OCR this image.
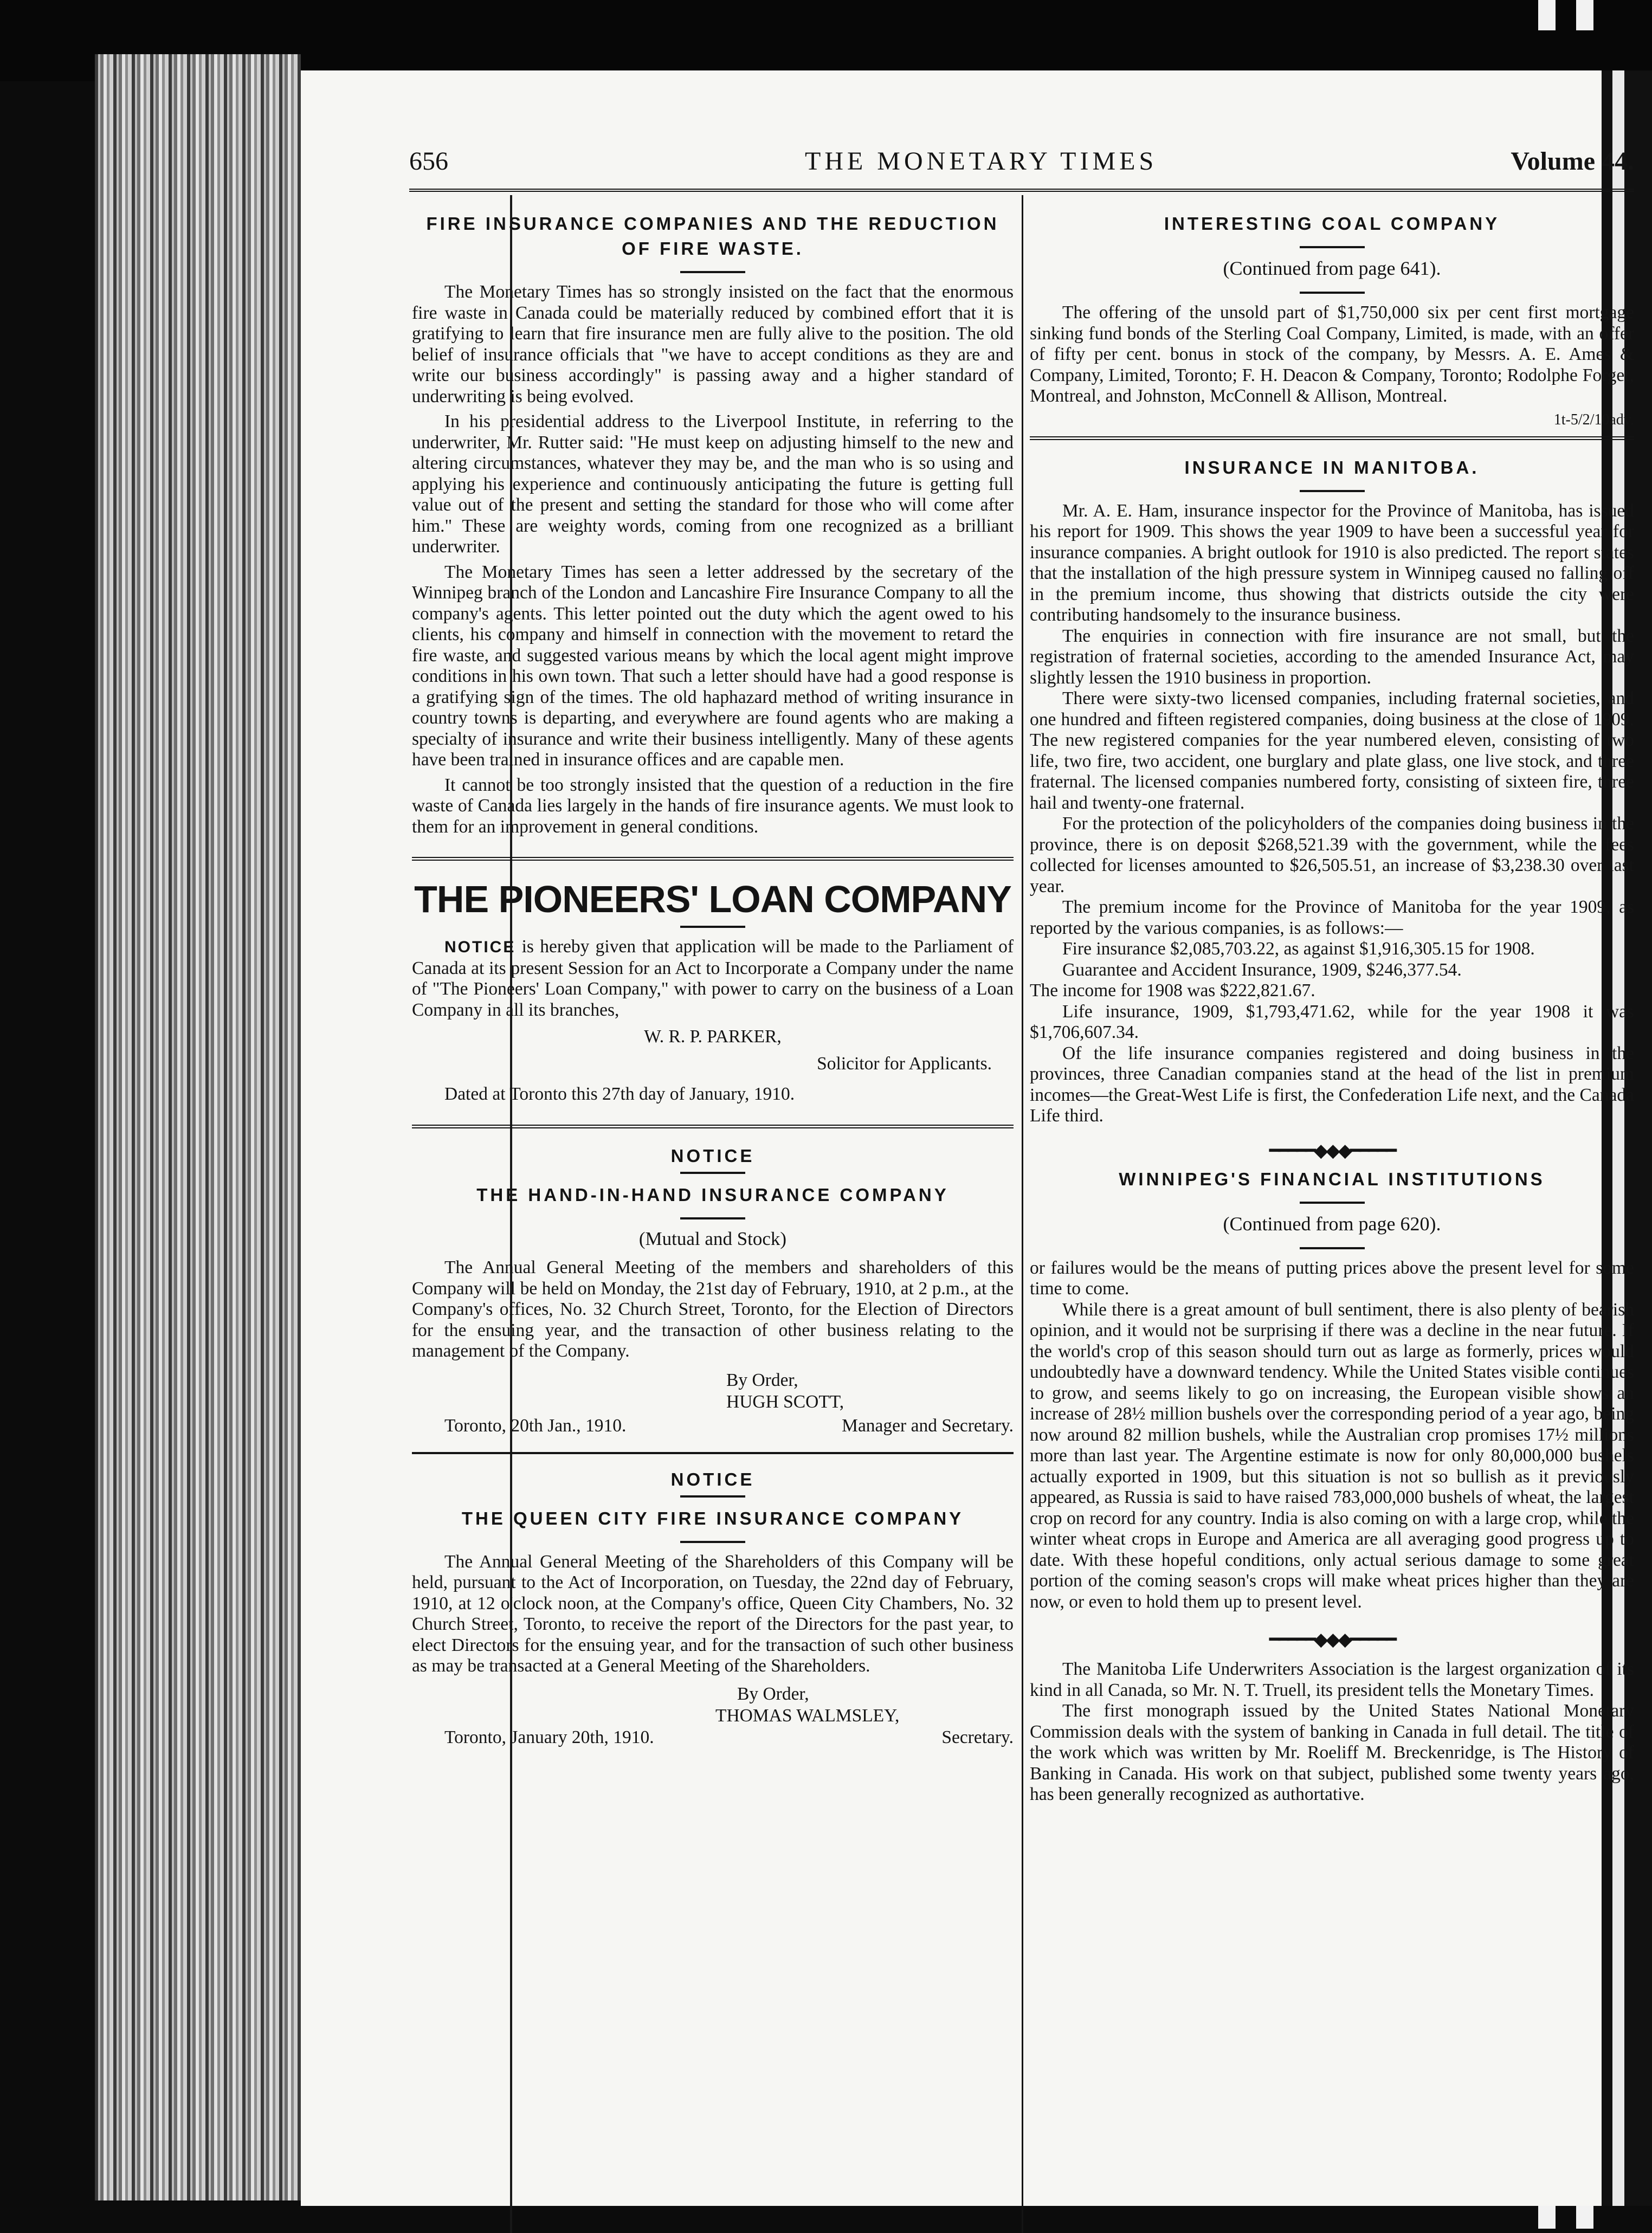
656	THE MONETARY TIMES	Volume 44.
FIRE INSURANCE COMPANIES AND THE REDUCTION OF FIRE WASTE.

The Monetary Times has so strongly insisted on the fact that the enormous fire waste in Canada could be materially reduced by combined effort that it is gratifying to learn that fire insurance men are fully alive to the position. The old belief of insurance officials that "we have to accept conditions as they are and write our business accordingly" is passing away and a higher standard of underwriting is being evolved.

In his presidential address to the Liverpool Institute, in referring to the underwriter, Mr. Rutter said: "He must keep on adjusting himself to the new and altering circumstances, whatever they may be, and the man who is so using and applying his experience and continuously anticipating the future is getting full value out of the present and setting the standard for those who will come after him." These are weighty words, coming from one recognized as a brilliant underwriter.

The Monetary Times has seen a letter addressed by the secretary of the Winnipeg branch of the London and Lancashire Fire Insurance Company to all the company's agents. This letter pointed out the duty which the agent owed to his clients, his company and himself in connection with the movement to retard the fire waste, and suggested various means by which the local agent might improve conditions in his own town. That such a letter should have had a good response is a gratifying sign of the times. The old haphazard method of writing insurance in country towns is departing, and everywhere are found agents who are making a specialty of insurance and write their business intelligently. Many of these agents have been trained in insurance offices and are capable men.

It cannot be too strongly insisted that the question of a reduction in the fire waste of Canada lies largely in the hands of fire insurance agents. We must look to them for an improvement in general conditions.

THE PIONEERS' LOAN COMPANY

NOTICE is hereby given that application will be made to the Parliament of Canada at its present Session for an Act to Incorporate a Company under the name of "The Pioneers' Loan Company," with power to carry on the business of a Loan Company in all its branches,

W. R. P. PARKER,
Solicitor for Applicants.
Dated at Toronto this 27th day of January, 1910.
NOTICE
THE HAND-IN-HAND INSURANCE COMPANY
(Mutual and Stock)

The Annual General Meeting of the members and shareholders of this Company will be held on Monday, the 21st day of February, 1910, at 2 p.m., at the Company's offices, No. 32 Church Street, Toronto, for the Election of Directors for the ensuing year, and the transaction of other business relating to the management of the Company.

By Order,
HUGH SCOTT,
Toronto, 20th Jan., 1910.	Manager and Secretary.
NOTICE
THE QUEEN CITY FIRE INSURANCE COMPANY

The Annual General Meeting of the Shareholders of this Company will be held, pursuant to the Act of Incorporation, on Tuesday, the 22nd day of February, 1910, at 12 o'clock noon, at the Company's office, Queen City Chambers, No. 32 Church Street, Toronto, to receive the report of the Directors for the past year, to elect Directors for the ensuing year, and for the transaction of such other business as may be transacted at a General Meeting of the Shareholders.

By Order,
THOMAS WALMSLEY,
Toronto, January 20th, 1910.	Secretary.
INTERESTING COAL COMPANY
(Continued from page 641).

The offering of the unsold part of $1,750,000 six per cent first mortgage sinking fund bonds of the Sterling Coal Company, Limited, is made, with an offer of fifty per cent. bonus in stock of the company, by Messrs. A. E. Ames & Company, Limited, Toronto; F. H. Deacon & Company, Toronto; Rodolphe Forget, Montreal, and Johnston, McConnell & Allison, Montreal.

1t-5/2/10adv.
INSURANCE IN MANITOBA.

Mr. A. E. Ham, insurance inspector for the Province of Manitoba, has issued his report for 1909. This shows the year 1909 to have been a successful year for insurance companies. A bright outlook for 1910 is also predicted. The report states that the installation of the high pressure system in Winnipeg caused no falling off in the premium income, thus showing that districts outside the city were contributing handsomely to the insurance business.

The enquiries in connection with fire insurance are not small, but the registration of fraternal societies, according to the amended Insurance Act, may slightly lessen the 1910 business in proportion.

There were sixty-two licensed companies, including fraternal societies, and one hundred and fifteen registered companies, doing business at the close of 1909. The new registered companies for the year numbered eleven, consisting of two life, two fire, two accident, one burglary and plate glass, one live stock, and three fraternal. The licensed companies numbered forty, consisting of sixteen fire, three hail and twenty-one fraternal.

For the protection of the policyholders of the companies doing business in the province, there is on deposit $268,521.39 with the government, while the fees collected for licenses amounted to $26,505.51, an increase of $3,238.30 over last year.

The premium income for the Province of Manitoba for the year 1909, as reported by the various companies, is as follows:—

Fire insurance $2,085,703.22, as against $1,916,305.15 for 1908.

Guarantee and Accident Insurance, 1909, $246,377.54.

The income for 1908 was $222,821.67.

Life insurance, 1909, $1,793,471.62, while for the year 1908 it was $1,706,607.34.

Of the life insurance companies registered and doing business in the provinces, three Canadian companies stand at the head of the list in premium incomes—the Great-West Life is first, the Confederation Life next, and the Canada Life third.

━━━━━◆◆◆━━━━━
WINNIPEG'S FINANCIAL INSTITUTIONS
(Continued from page 620).

or failures would be the means of putting prices above the present level for some time to come.

While there is a great amount of bull sentiment, there is also plenty of bearish opinion, and it would not be surprising if there was a decline in the near future. If the world's crop of this season should turn out as large as formerly, prices would undoubtedly have a downward tendency. While the United States visible continues to grow, and seems likely to go on increasing, the European visible shows an increase of 28½ million bushels over the corresponding period of a year ago, being now around 82 million bushels, while the Australian crop promises 17½ millions more than last year. The Argentine estimate is now for only 80,000,000 bushels actually exported in 1909, but this situation is not so bullish as it previously appeared, as Russia is said to have raised 783,000,000 bushels of wheat, the largest crop on record for any country. India is also coming on with a large crop, while the winter wheat crops in Europe and America are all averaging good progress up to date. With these hopeful conditions, only actual serious damage to some great portion of the coming season's crops will make wheat prices higher than they are now, or even to hold them up to present level.

━━━━━◆◆◆━━━━━

The Manitoba Life Underwriters Association is the largest organization of its kind in all Canada, so Mr. N. T. Truell, its president tells the Monetary Times.

The first monograph issued by the United States National Monetary Commission deals with the system of banking in Canada in full detail. The title of the work which was written by Mr. Roeliff M. Breckenridge, is The History of Banking in Canada. His work on that subject, published some twenty years ago, has been generally recognized as authortative.
